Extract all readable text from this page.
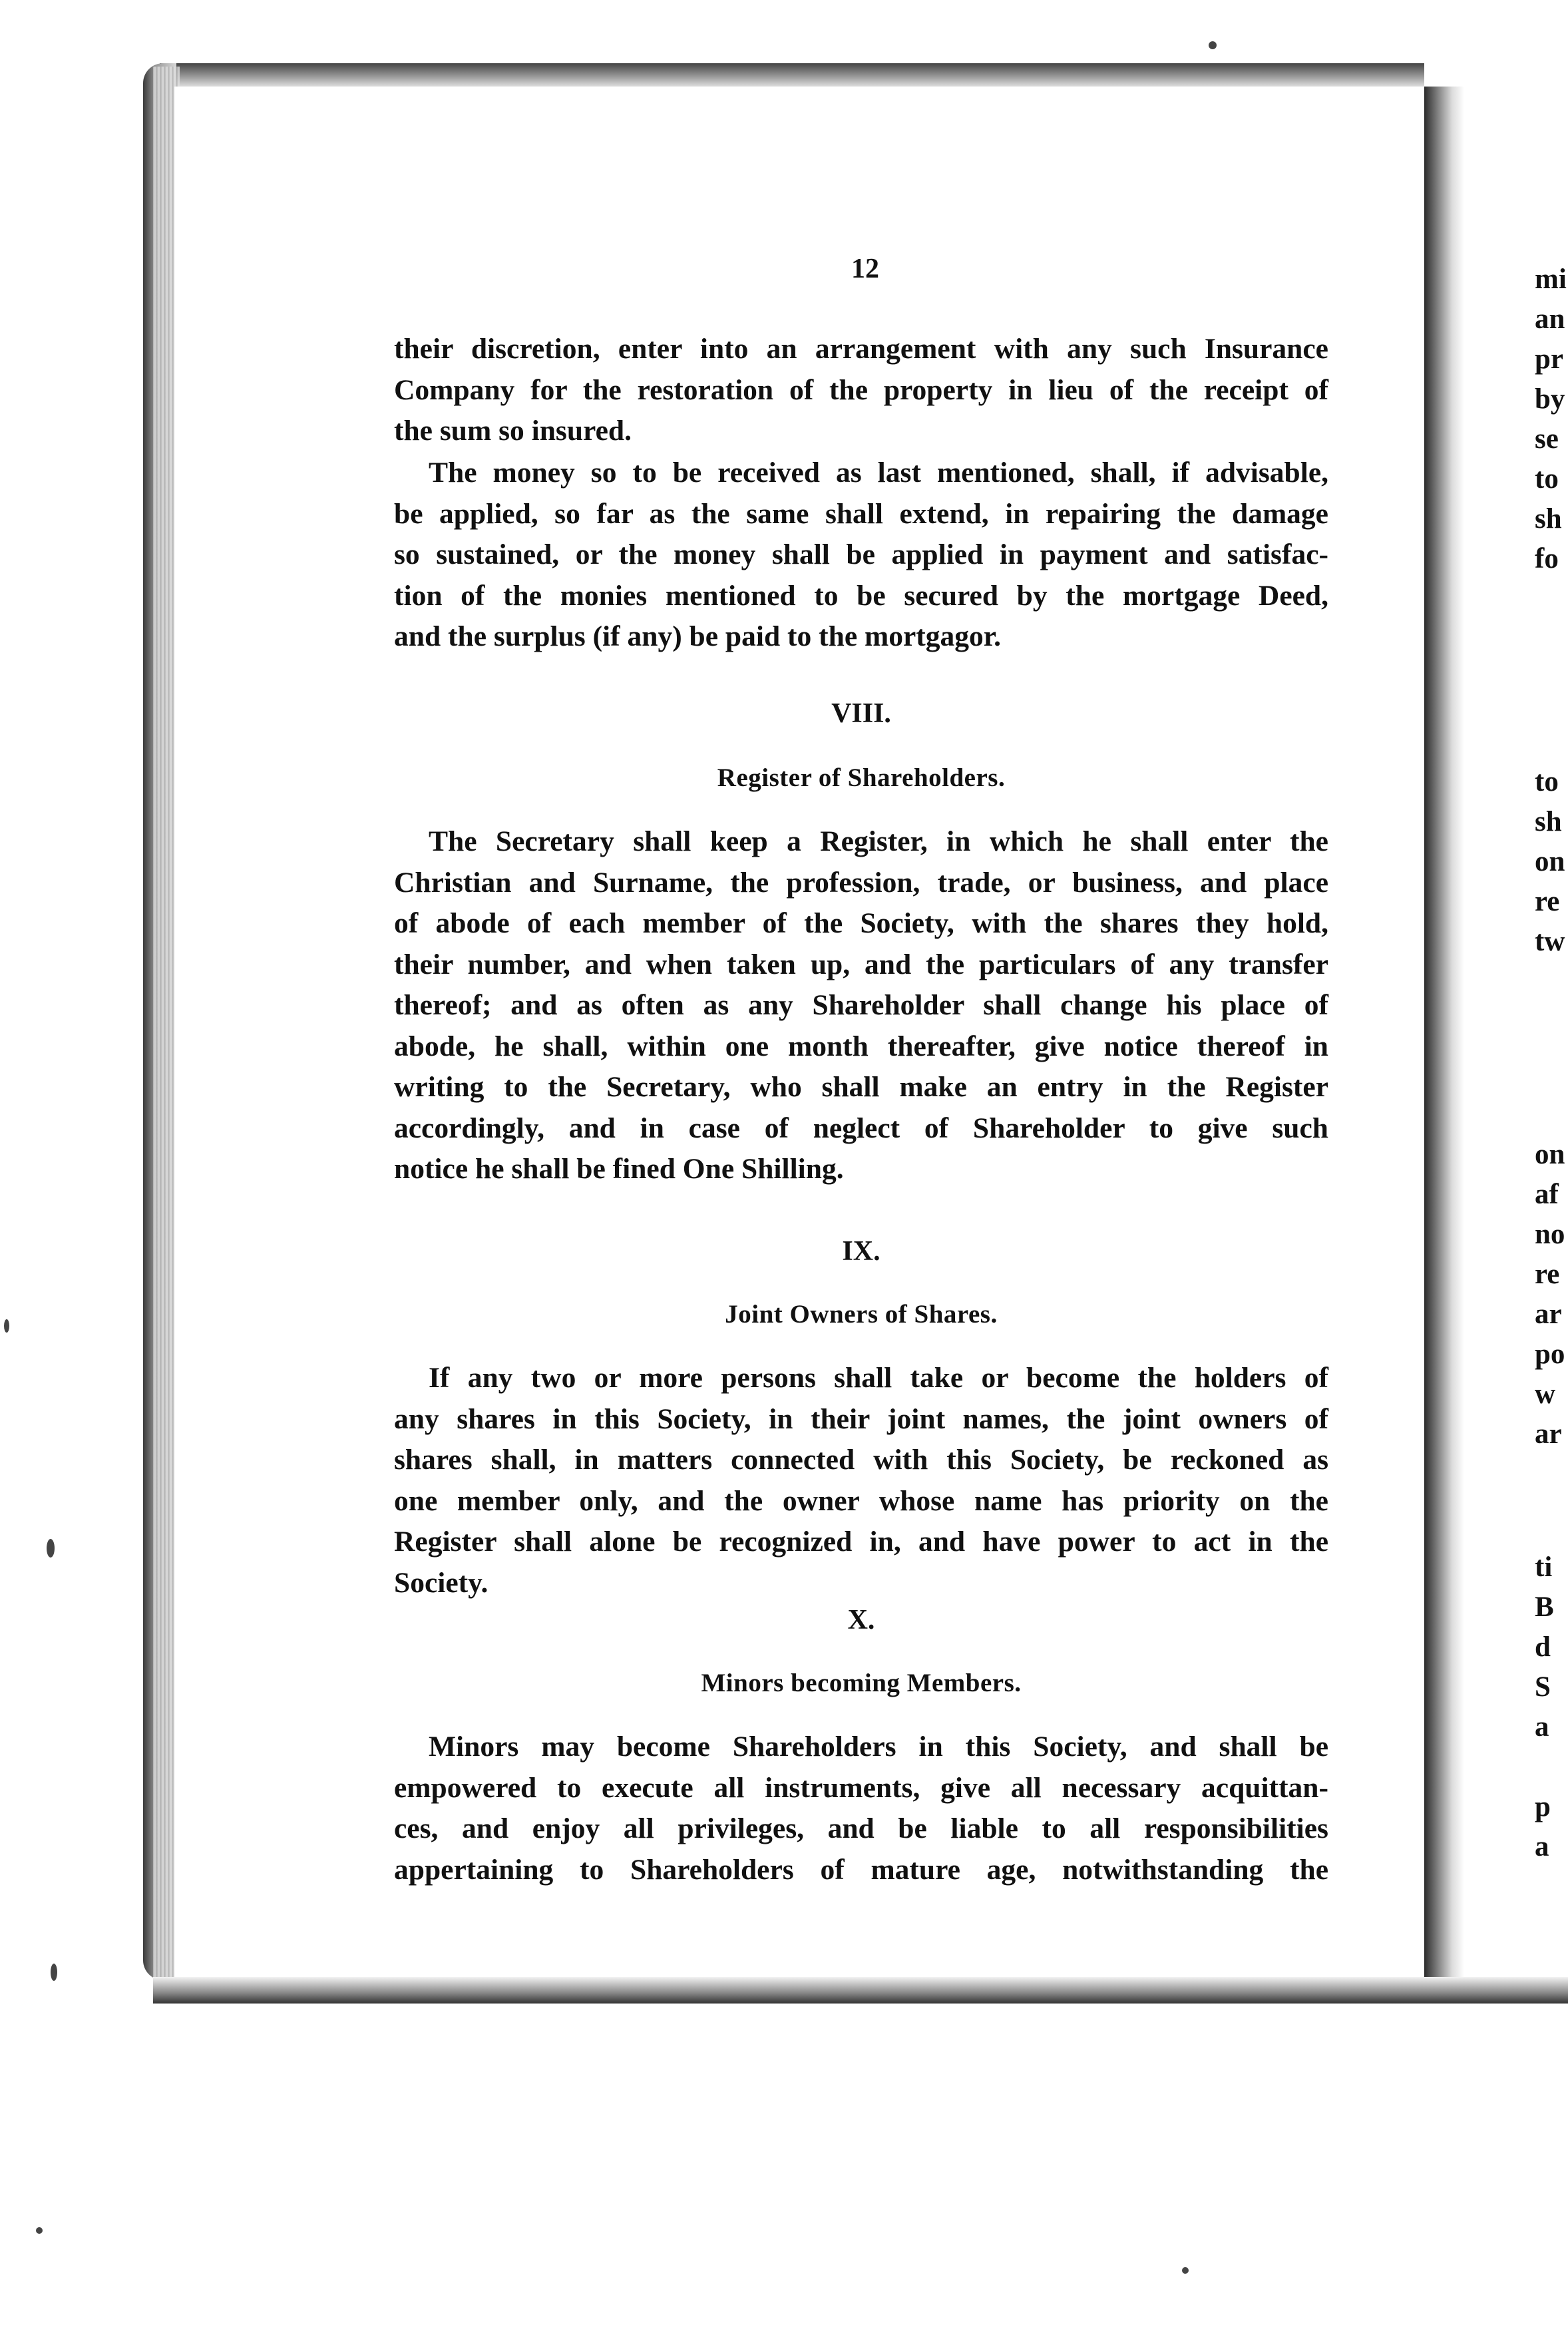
mi
an
pr
by
se
to
sh
fo
to
sh
on
re
tw
on
af
no
re
ar
po
w
ar
ti
B
d
S
a
p
a
12

their discretion, enter into an arrangement with any such Insurance
Company for the restoration of the property in lieu of the receipt of
the sum so insured.

The money so to be received as last mentioned, shall, if advisable,
be applied, so far as the same shall extend, in repairing the damage
so sustained, or the money shall be applied in payment and satisfac-
tion of the monies mentioned to be secured by the mortgage Deed,
and the surplus (if any) be paid to the mortgagor.

VIII.
Register of Shareholders.

The Secretary shall keep a Register, in which he shall enter the
Christian and Surname, the profession, trade, or business, and place
of abode of each member of the Society, with the shares they hold,
their number, and when taken up, and the particulars of any transfer
thereof; and as often as any Shareholder shall change his place of
abode, he shall, within one month thereafter, give notice thereof in
writing to the Secretary, who shall make an entry in the Register
accordingly, and in case of neglect of Shareholder to give such
notice he shall be fined One Shilling.

IX.
Joint Owners of Shares.

If any two or more persons shall take or become the holders of
any shares in this Society, in their joint names, the joint owners of
shares shall, in matters connected with this Society, be reckoned as
one member only, and the owner whose name has priority on the
Register shall alone be recognized in, and have power to act in the
Society.

X.
Minors becoming Members.

Minors may become Shareholders in this Society, and shall be
empowered to execute all instruments, give all necessary acquittan-
ces, and enjoy all privileges, and be liable to all responsibilities
appertaining to Shareholders of mature age, notwithstanding the
